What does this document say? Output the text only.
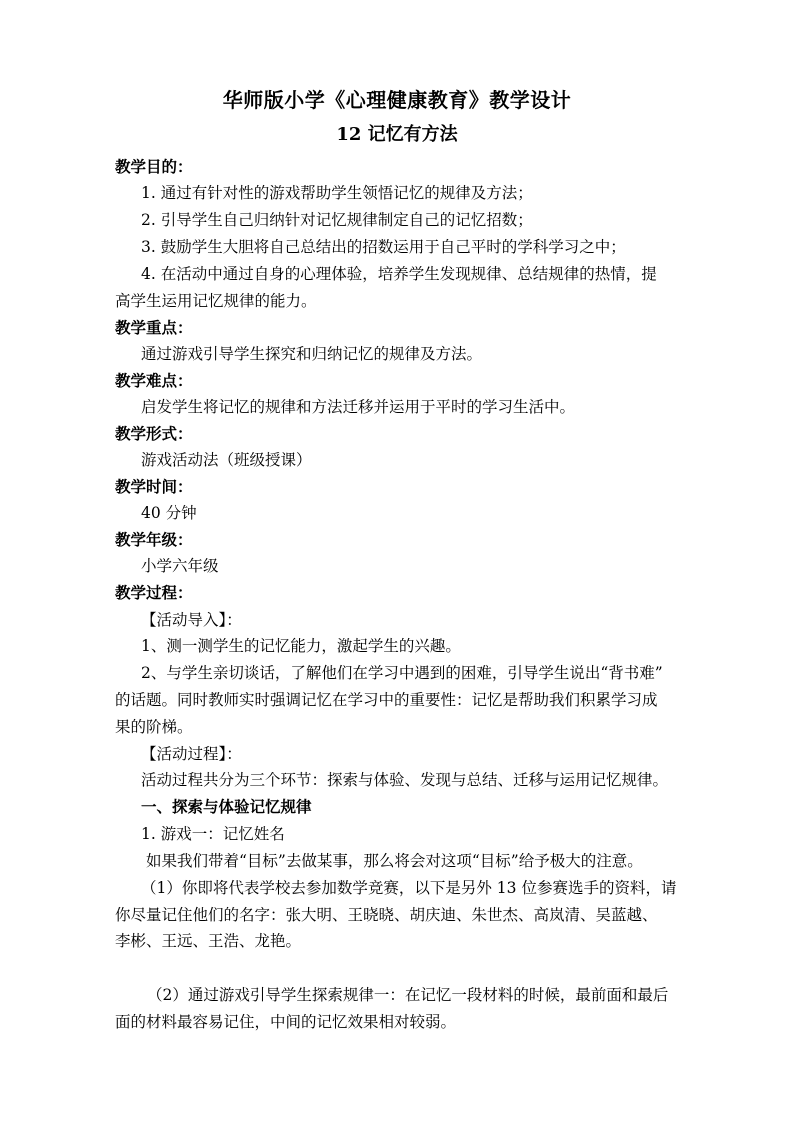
华师版小学《心理健康教育》教学设计
12 记忆有方法
教学目的：
1. 通过有针对性的游戏帮助学生领悟记忆的规律及方法；
2. 引导学生自己归纳针对记忆规律制定自己的记忆招数；
3. 鼓励学生大胆将自己总结出的招数运用于自己平时的学科学习之中；
4. 在活动中通过自身的心理体验，培养学生发现规律、总结规律的热情，提
高学生运用记忆规律的能力。
教学重点：
通过游戏引导学生探究和归纳记忆的规律及方法。
教学难点：
启发学生将记忆的规律和方法迁移并运用于平时的学习生活中。
教学形式：
游戏活动法（班级授课）
教学时间：
40 分钟
教学年级：
小学六年级
教学过程：
【活动导入】：
1、测一测学生的记忆能力，激起学生的兴趣。
2、与学生亲切谈话，了解他们在学习中遇到的困难，引导学生说出“背书难”
的话题。同时教师实时强调记忆在学习中的重要性：记忆是帮助我们积累学习成
果的阶梯。
【活动过程】：
活动过程共分为三个环节：探索与体验、发现与总结、迁移与运用记忆规律。
一、探索与体验记忆规律
1. 游戏一：记忆姓名
如果我们带着“目标”去做某事，那么将会对这项“目标”给予极大的注意。
（1）你即将代表学校去参加数学竞赛，以下是另外 13 位参赛选手的资料，请
你尽量记住他们的名字：张大明、王晓晓、胡庆迪、朱世杰、高岚清、吴蓝越、
李彬、王远、王浩、龙艳。
（2）通过游戏引导学生探索规律一：在记忆一段材料的时候，最前面和最后
面的材料最容易记住，中间的记忆效果相对较弱。
